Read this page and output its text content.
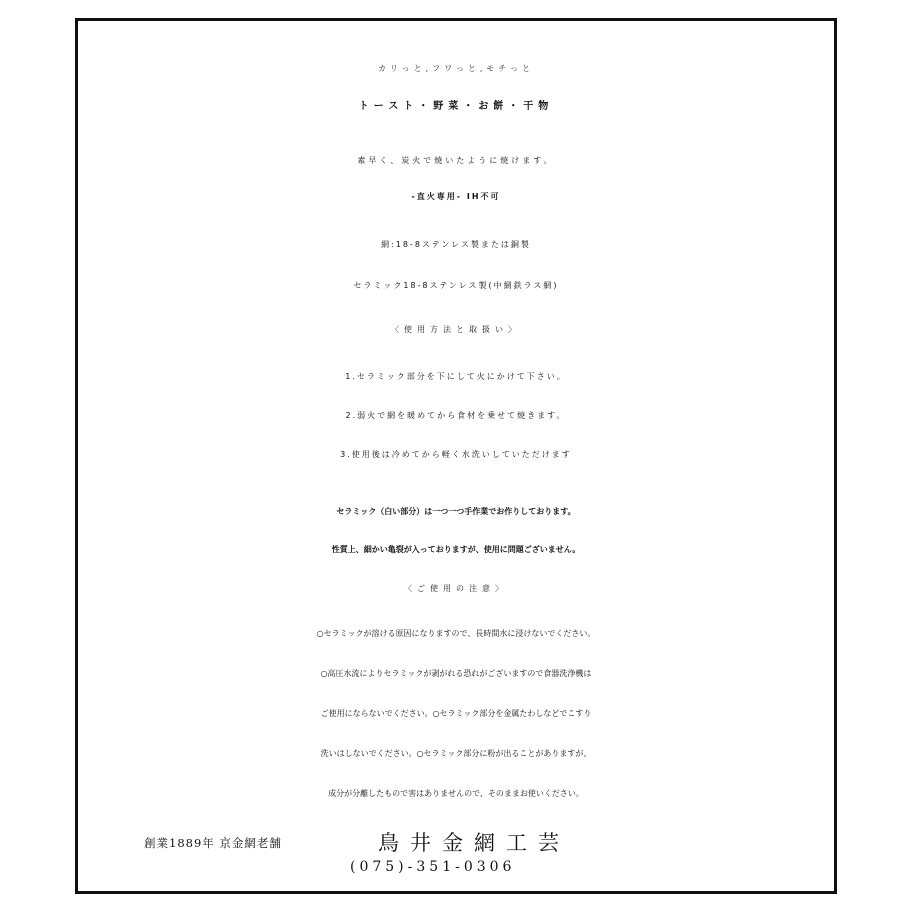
カリっと,フワっと,モチっと
トースト・野菜・お餅・干物
素早く、炭火で焼いたように焼けます。
-直火専用- IH不可
網:18-8ステンレス製または銅製
セラミック18-8ステンレス製(中網鉄ラス網)
〈使用方法と取扱い〉
1.セラミック部分を下にして火にかけて下さい。
2.弱火で網を暖めてから食材を乗せて焼きます。
3.使用後は冷めてから軽く水洗いしていただけます
セラミック（白い部分）は一つ一つ手作業でお作りしております。
性質上、細かい亀裂が入っておりますが、使用に問題ございません。
〈ご使用の注意〉
○セラミックが溶ける原因になりますので、長時間水に浸けないでください。
○高圧水流によりセラミックが剥がれる恐れがございますので食器洗浄機は
ご使用にならないでください。○セラミック部分を金属たわしなどでこすり
洗いはしないでください。○セラミック部分に粉が出ることがありますが、
成分が分離したもので害はありませんので、そのままお使いください。
創業1889年 京金網老舗	鳥井金網工芸
(075)-351-0306
